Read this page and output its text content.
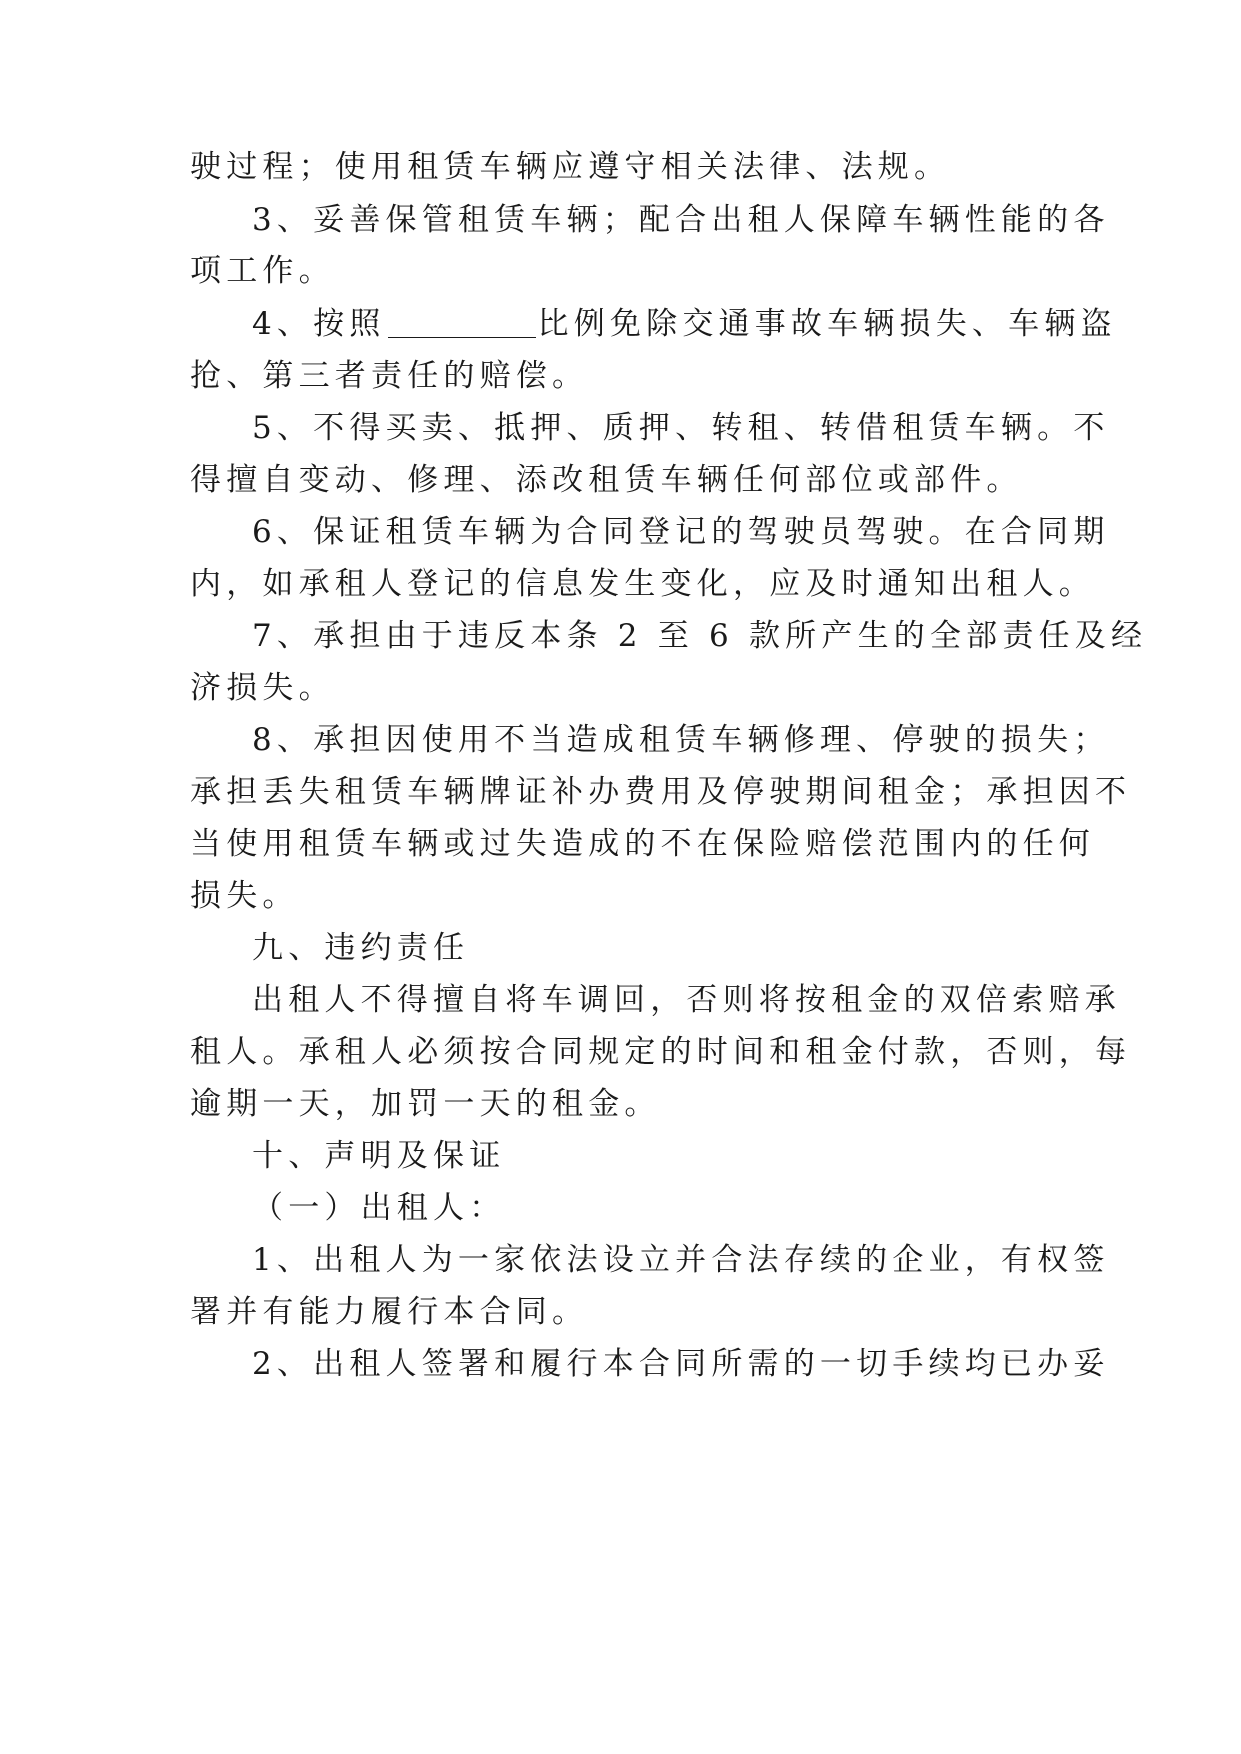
驶过程；使用租赁车辆应遵守相关法律、法规。
3、妥善保管租赁车辆；配合出租人保障车辆性能的各
项工作。
4、按照	比例免除交通事故车辆损失、车辆盗
抢、第三者责任的赔偿。
5、不得买卖、抵押、质押、转租、转借租赁车辆。不
得擅自变动、修理、添改租赁车辆任何部位或部件。
6、保证租赁车辆为合同登记的驾驶员驾驶。在合同期
内，如承租人登记的信息发生变化，应及时通知出租人。
7、承担由于违反本条 2 至 6 款所产生的全部责任及经
济损失。
8、承担因使用不当造成租赁车辆修理、停驶的损失；
承担丢失租赁车辆牌证补办费用及停驶期间租金；承担因不
当使用租赁车辆或过失造成的不在保险赔偿范围内的任何
损失。
九、违约责任
出租人不得擅自将车调回，否则将按租金的双倍索赔承
租人。承租人必须按合同规定的时间和租金付款，否则，每
逾期一天，加罚一天的租金。
十、声明及保证
（一）出租人：
1、出租人为一家依法设立并合法存续的企业，有权签
署并有能力履行本合同。
2、出租人签署和履行本合同所需的一切手续均已办妥
